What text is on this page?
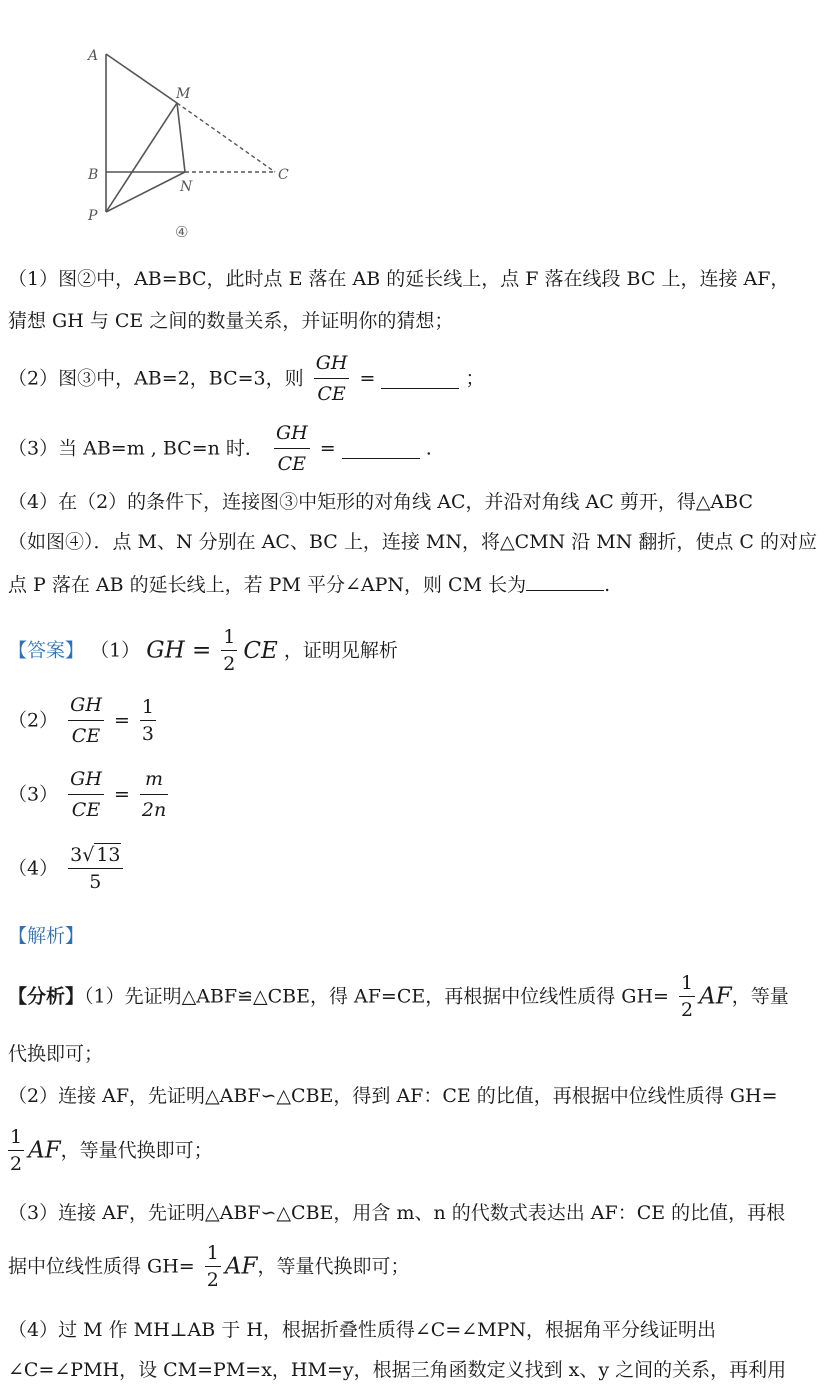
A
M
B
N
C
P
④
（1）图②中，AB=BC，此时点 E 落在 AB 的延长线上，点 F 落在线段 BC 上，连接 AF，
猜想 GH 与 CE 之间的数量关系，并证明你的猜想；
（2）图③中，AB=2，BC=3，则 $\frac{GH}{CE}$ =	；
（3）当 AB=m , BC=n 时． $\frac{GH}{CE}$ =	.
（4）在（2）的条件下，连接图③中矩形的对角线 AC，并沿对角线 AC 剪开，得△ABC
（如图④）．点 M、N 分别在 AC、BC 上，连接 MN，将△CMN 沿 MN 翻折，使点 C 的对应
点 P 落在 AB 的延长线上，若 PM 平分∠APN，则 CM 长为	.
【答案】 （1） GH = $\frac{1}{2}$ CE ，证明见解析
$(2) \frac{GH}{CE} = \frac{1}{3}$
$(3) \frac{GH}{CE} = \frac{m}{2n}$
$(4) \frac{3√ 13}{5}$
【解析】
【分析】（1）先证明△ABF≌△CBE，得 AF=CE，再根据中位线性质得 $GH= \frac{1}{2}$ AF，等量
代换即可；
（2）连接 AF，先证明△ABF∽△CBE，得到 AF：CE 的比值，再根据中位线性质得 GH=
$\frac{1}{2}$ AF，等量代换即可；
（3）连接 AF，先证明△ABF∽△CBE，用含 m、n 的代数式表达出 AF：CE 的比值，再根
据中位线性质得 $GH= \frac{1}{2}$ AF，等量代换即可；
（4）过 M 作 MH⊥AB 于 H，根据折叠性质得∠C=∠MPN，根据角平分线证明出
∠C=∠PMH，设 CM=PM=x，HM=y，根据三角函数定义找到 x、y 之间的关系，再利用
